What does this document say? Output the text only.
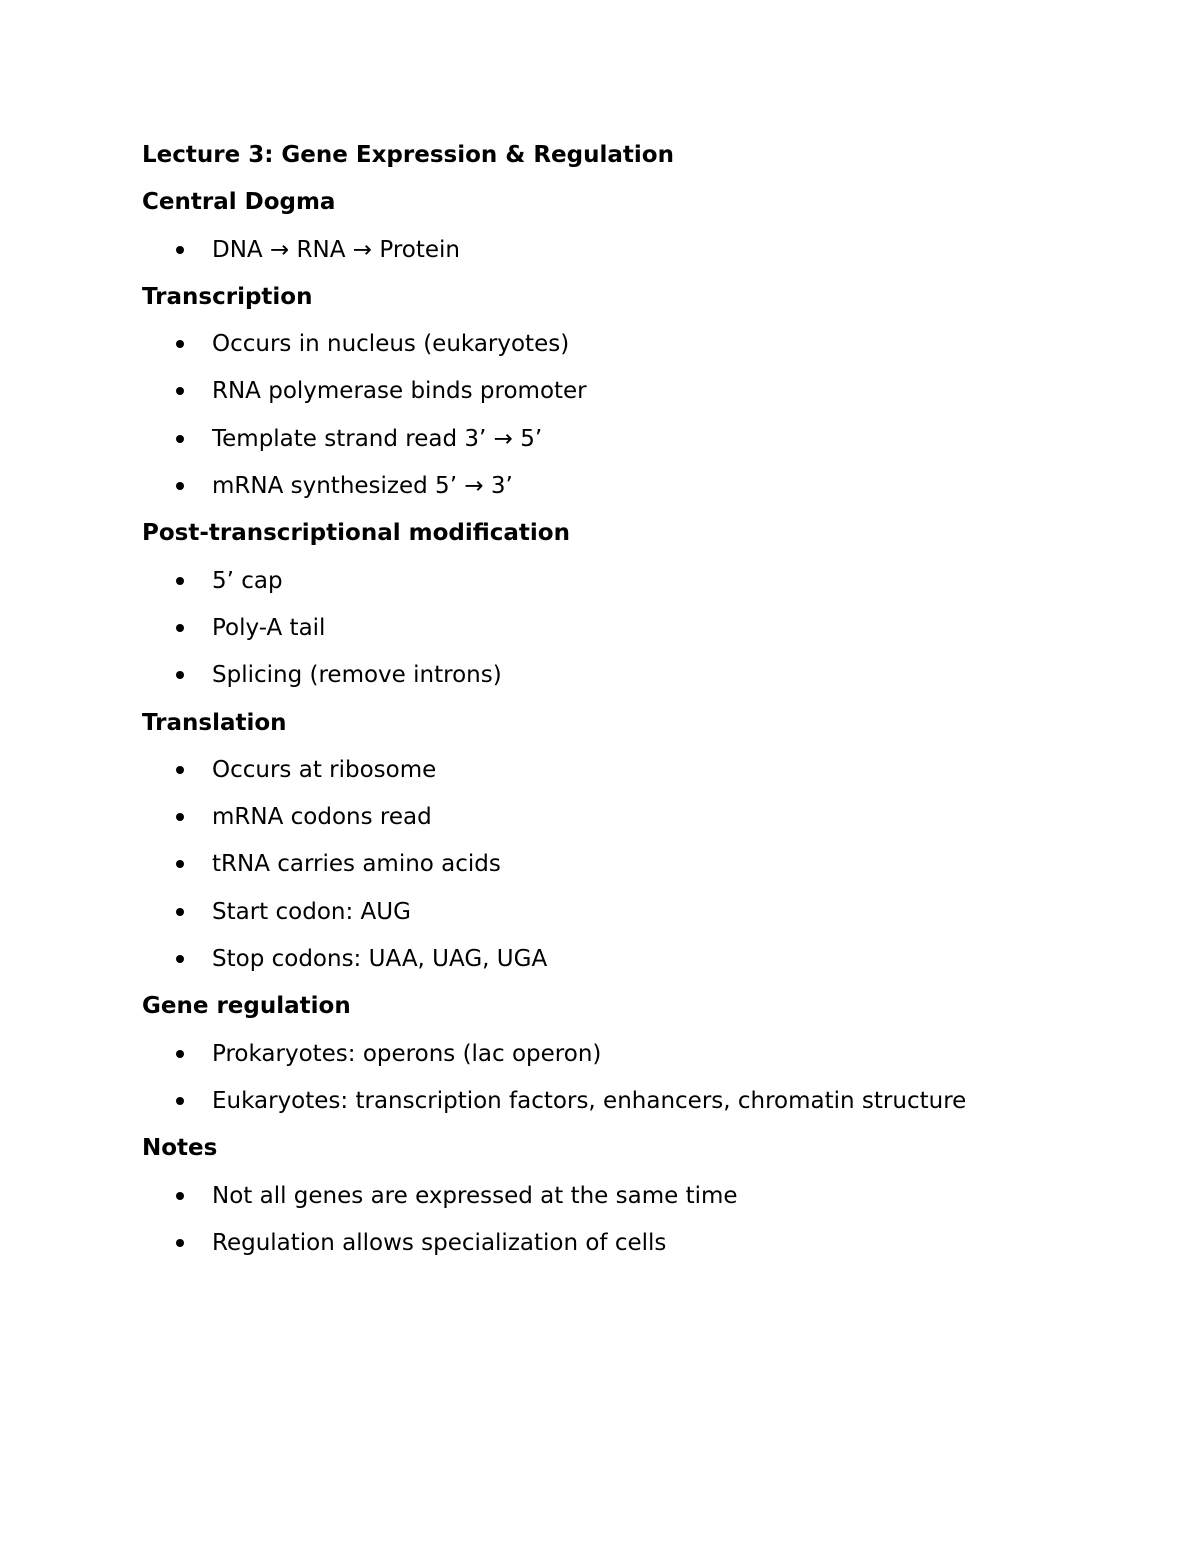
Lecture 3: Gene Expression & Regulation
Central Dogma
DNA → RNA → Protein
Transcription
Occurs in nucleus (eukaryotes)
RNA polymerase binds promoter
Template strand read 3’ → 5’
mRNA synthesized 5’ → 3’
Post-transcriptional modification
5’ cap
Poly-A tail
Splicing (remove introns)
Translation
Occurs at ribosome
mRNA codons read
tRNA carries amino acids
Start codon: AUG
Stop codons: UAA, UAG, UGA
Gene regulation
Prokaryotes: operons (lac operon)
Eukaryotes: transcription factors, enhancers, chromatin structure
Notes
Not all genes are expressed at the same time
Regulation allows specialization of cells
